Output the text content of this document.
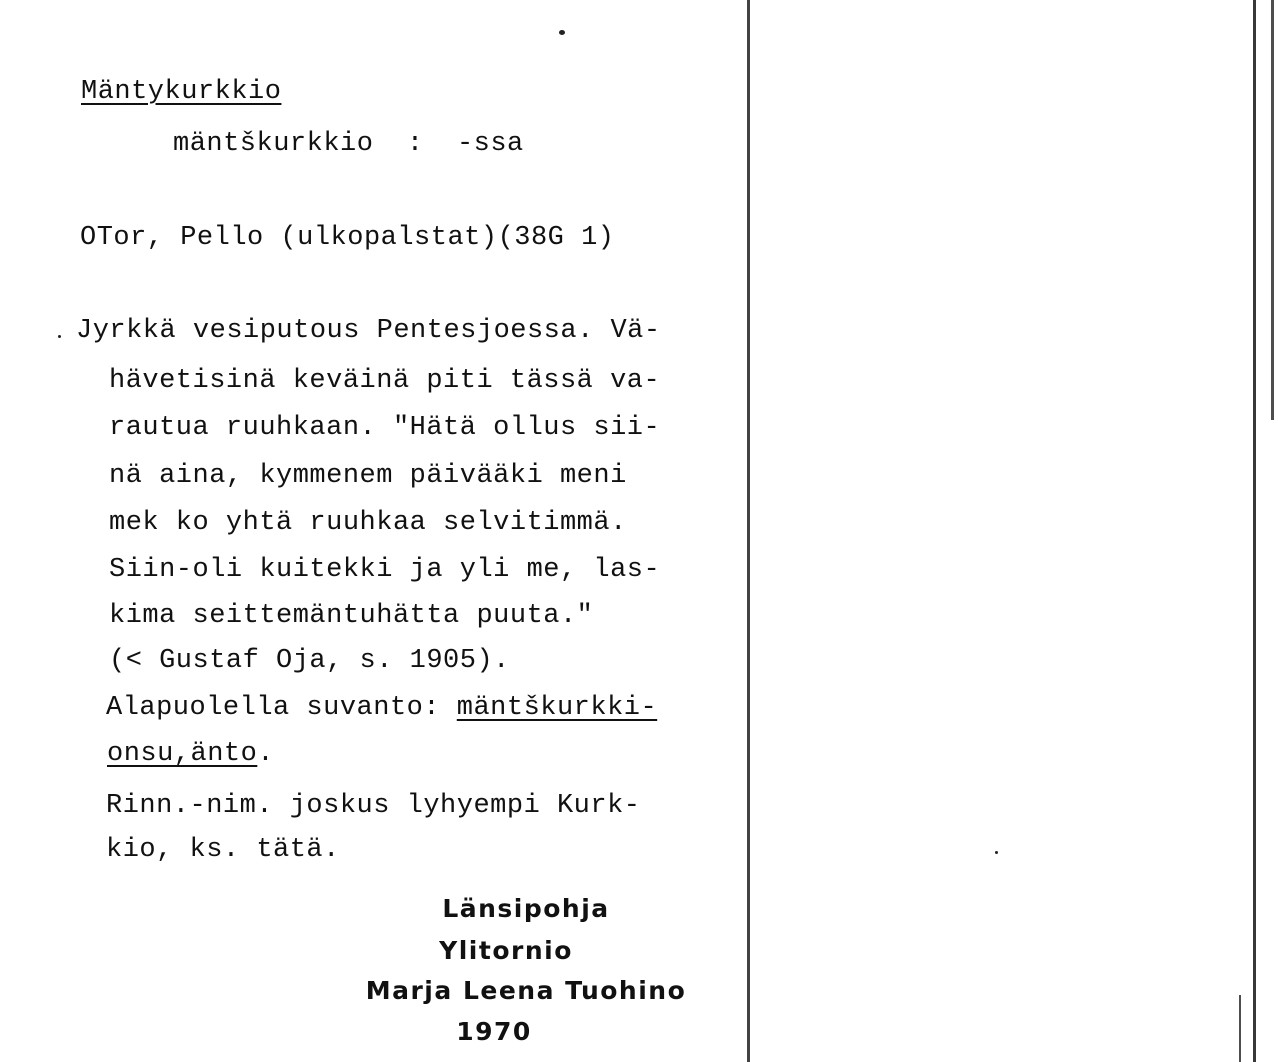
Mäntykurkkio
mäntškurkkio  :  -ssa
OTor, Pello (ulkopalstat)(38G 1)
Jyrkkä vesiputous Pentesjoessa. Vä-
hävetisinä keväinä piti tässä va-
rautua ruuhkaan. "Hätä ollus sii-
nä aina, kymmenem päivääki meni
mek ko yhtä ruuhkaa selvitimmä.
Siin-oli kuitekki ja yli me, las-
kima seittemäntuhätta puuta."
(< Gustaf Oja, s. 1905).
Alapuolella suvanto: mäntškurkki-
onsu,änto.
Rinn.-nim. joskus lyhyempi Kurk-
kio, ks. tätä.
Länsipohja
Ylitornio
Marja Leena Tuohino
1970
